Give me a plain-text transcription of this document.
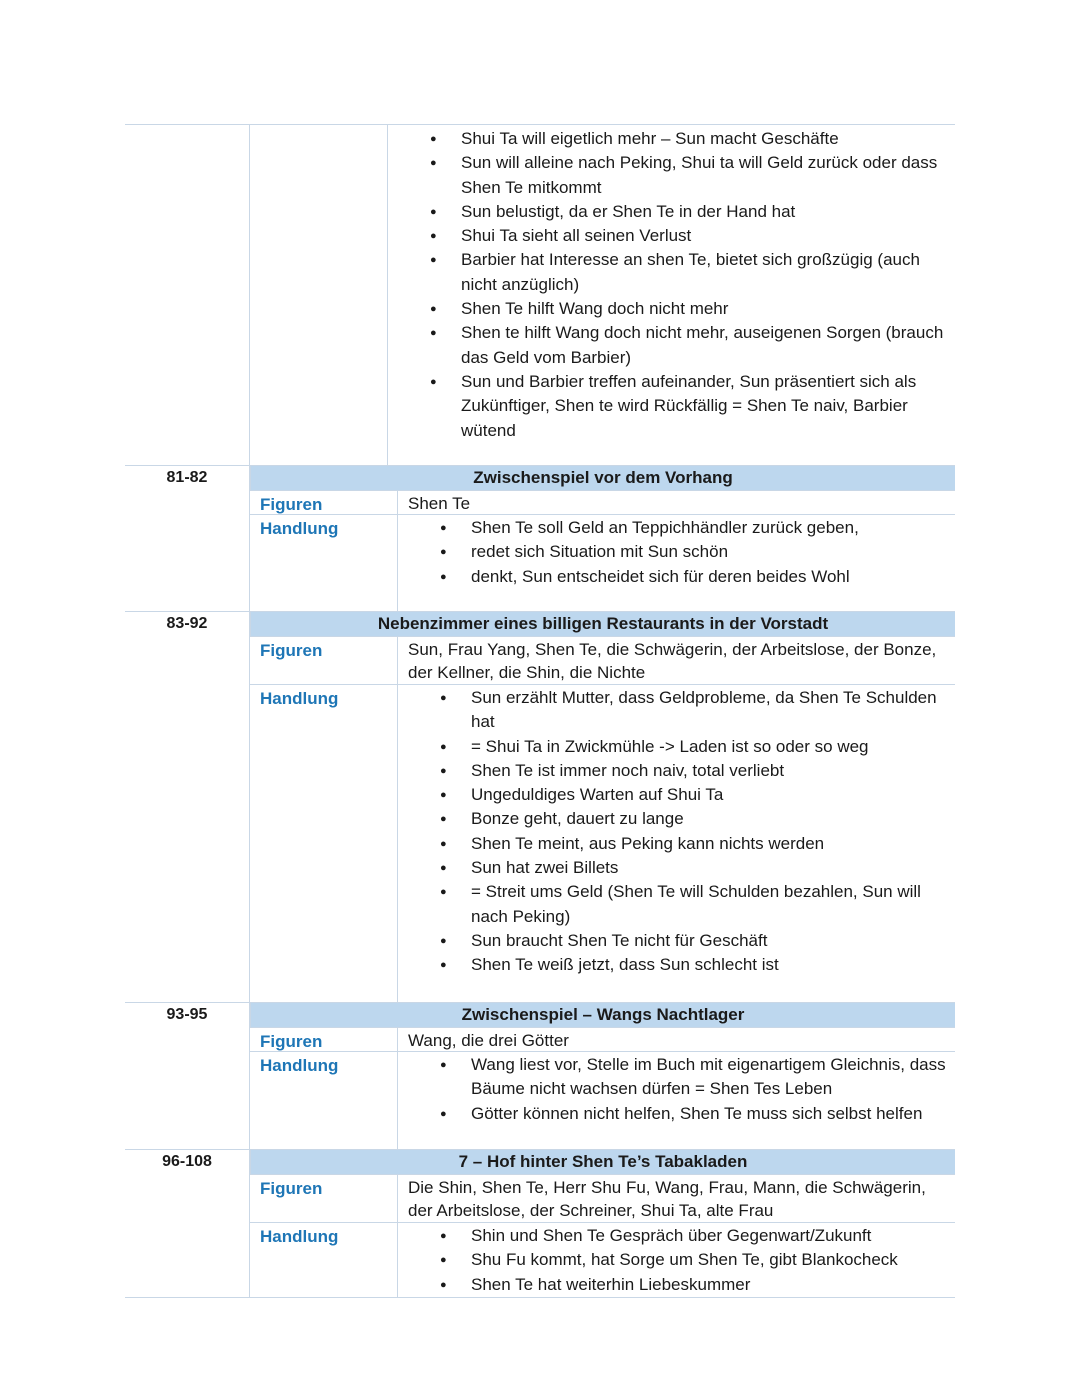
● Shui Ta will eigetlich mehr – Sun macht Geschäfte
● Sun will alleine nach Peking, Shui ta will Geld zurück oder dass Shen Te mitkommt
● Sun belustigt, da er Shen Te in der Hand hat
● Shui Ta sieht all seinen Verlust
● Barbier hat Interesse an shen Te, bietet sich großzügig (auch nicht anzüglich)
● Shen Te hilft Wang doch nicht mehr
● Shen te hilft Wang doch nicht mehr, auseigenen Sorgen (brauch das Geld vom Barbier)
● Sun und Barbier treffen aufeinander, Sun präsentiert sich als Zukünftiger, Shen te wird Rückfällig = Shen Te naiv, Barbier wütend
81-82	Zwischenspiel vor dem Vorhang
Figuren	Shen Te
Handlung	● Shen Te soll Geld an Teppichhändler zurück geben,
● redet sich Situation mit Sun schön
● denkt, Sun entscheidet sich für deren beides Wohl
83-92	Nebenzimmer eines billigen Restaurants in der Vorstadt
Figuren	Sun, Frau Yang, Shen Te, die Schwägerin, der Arbeitslose, der Bonze, der Kellner, die Shin, die Nichte
Handlung	● Sun erzählt Mutter, dass Geldprobleme, da Shen Te Schulden hat
● = Shui Ta in Zwickmühle -> Laden ist so oder so weg
● Shen Te ist immer noch naiv, total verliebt
● Ungeduldiges Warten auf Shui Ta
● Bonze geht, dauert zu lange
● Shen Te meint, aus Peking kann nichts werden
● Sun hat zwei Billets
● = Streit ums Geld (Shen Te will Schulden bezahlen, Sun will nach Peking)
● Sun braucht Shen Te nicht für Geschäft
● Shen Te weiß jetzt, dass Sun schlecht ist
93-95	Zwischenspiel – Wangs Nachtlager
Figuren	Wang, die drei Götter
Handlung	● Wang liest vor, Stelle im Buch mit eigenartigem Gleichnis, dass Bäume nicht wachsen dürfen = Shen Tes Leben
● Götter können nicht helfen, Shen Te muss sich selbst helfen
96-108	7 – Hof hinter Shen Te’s Tabakladen
Figuren	Die Shin, Shen Te, Herr Shu Fu, Wang, Frau, Mann, die Schwägerin, der Arbeitslose, der Schreiner, Shui Ta, alte Frau
Handlung	● Shin und Shen Te Gespräch über Gegenwart/Zukunft
● Shu Fu kommt, hat Sorge um Shen Te, gibt Blankocheck
● Shen Te hat weiterhin Liebeskummer
